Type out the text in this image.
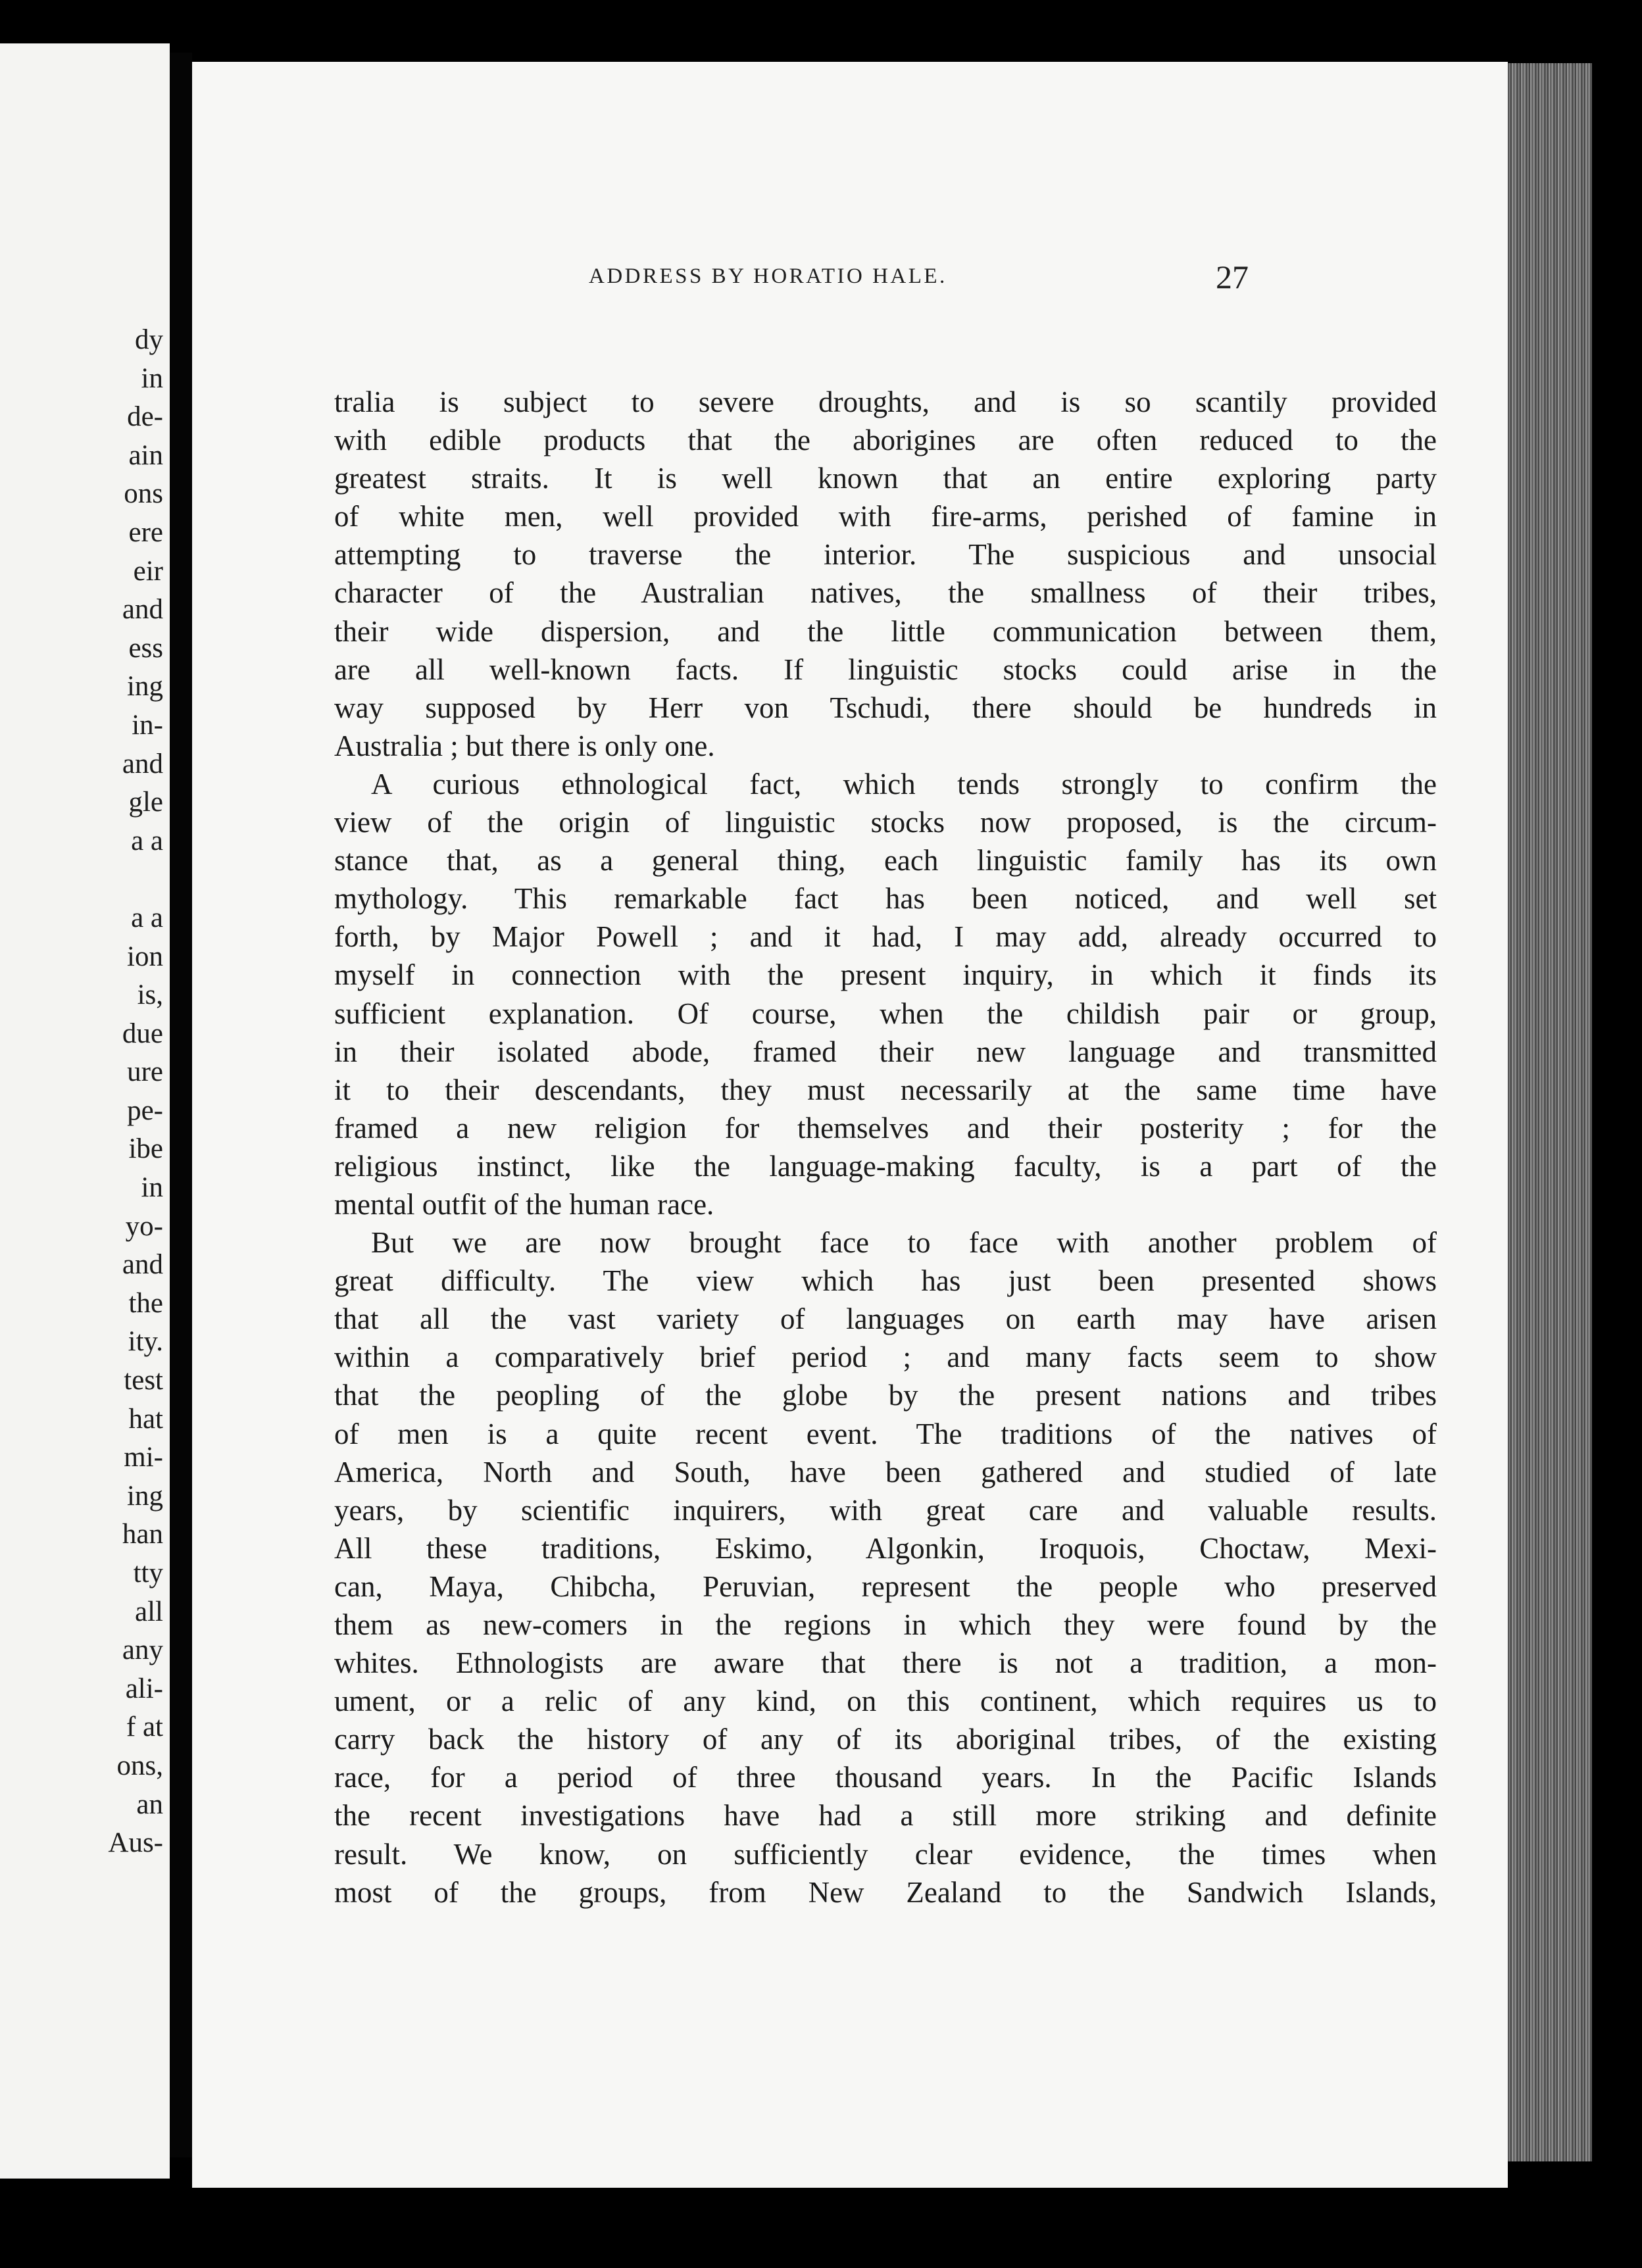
dy
in
de-
ain
ons
ere
eir
and
ess
ing
in-
and
gle
a a

a a
ion
is,
due
ure
pe-
ibe
in
yo-
and
the
ity.
test
hat
mi-
ing
han
tty
all
any
ali-
f at
ons,
an
Aus-
ADDRESS BY HORATIO HALE.	27
tralia is subject to severe droughts, and is so scantily provided
with edible products that the aborigines are often reduced to the
greatest straits. It is well known that an entire exploring party
of white men, well provided with fire-arms, perished of famine in
attempting to traverse the interior. The suspicious and unsocial
character of the Australian natives, the smallness of their tribes,
their wide dispersion, and the little communication between them,
are all well-known facts. If linguistic stocks could arise in the
way supposed by Herr von Tschudi, there should be hundreds in
Australia ; but there is only one.
A curious ethnological fact, which tends strongly to confirm the
view of the origin of linguistic stocks now proposed, is the circum-
stance that, as a general thing, each linguistic family has its own
mythology. This remarkable fact has been noticed, and well set
forth, by Major Powell ; and it had, I may add, already occurred to
myself in connection with the present inquiry, in which it finds its
sufficient explanation. Of course, when the childish pair or group,
in their isolated abode, framed their new language and transmitted
it to their descendants, they must necessarily at the same time have
framed a new religion for themselves and their posterity ; for the
religious instinct, like the language-making faculty, is a part of the
mental outfit of the human race.
But we are now brought face to face with another problem of
great difficulty. The view which has just been presented shows
that all the vast variety of languages on earth may have arisen
within a comparatively brief period ; and many facts seem to show
that the peopling of the globe by the present nations and tribes
of men is a quite recent event. The traditions of the natives of
America, North and South, have been gathered and studied of late
years, by scientific inquirers, with great care and valuable results.
All these traditions, Eskimo, Algonkin, Iroquois, Choctaw, Mexi-
can, Maya, Chibcha, Peruvian, represent the people who preserved
them as new-comers in the regions in which they were found by the
whites. Ethnologists are aware that there is not a tradition, a mon-
ument, or a relic of any kind, on this continent, which requires us to
carry back the history of any of its aboriginal tribes, of the existing
race, for a period of three thousand years. In the Pacific Islands
the recent investigations have had a still more striking and definite
result. We know, on sufficiently clear evidence, the times when
most of the groups, from New Zealand to the Sandwich Islands,
